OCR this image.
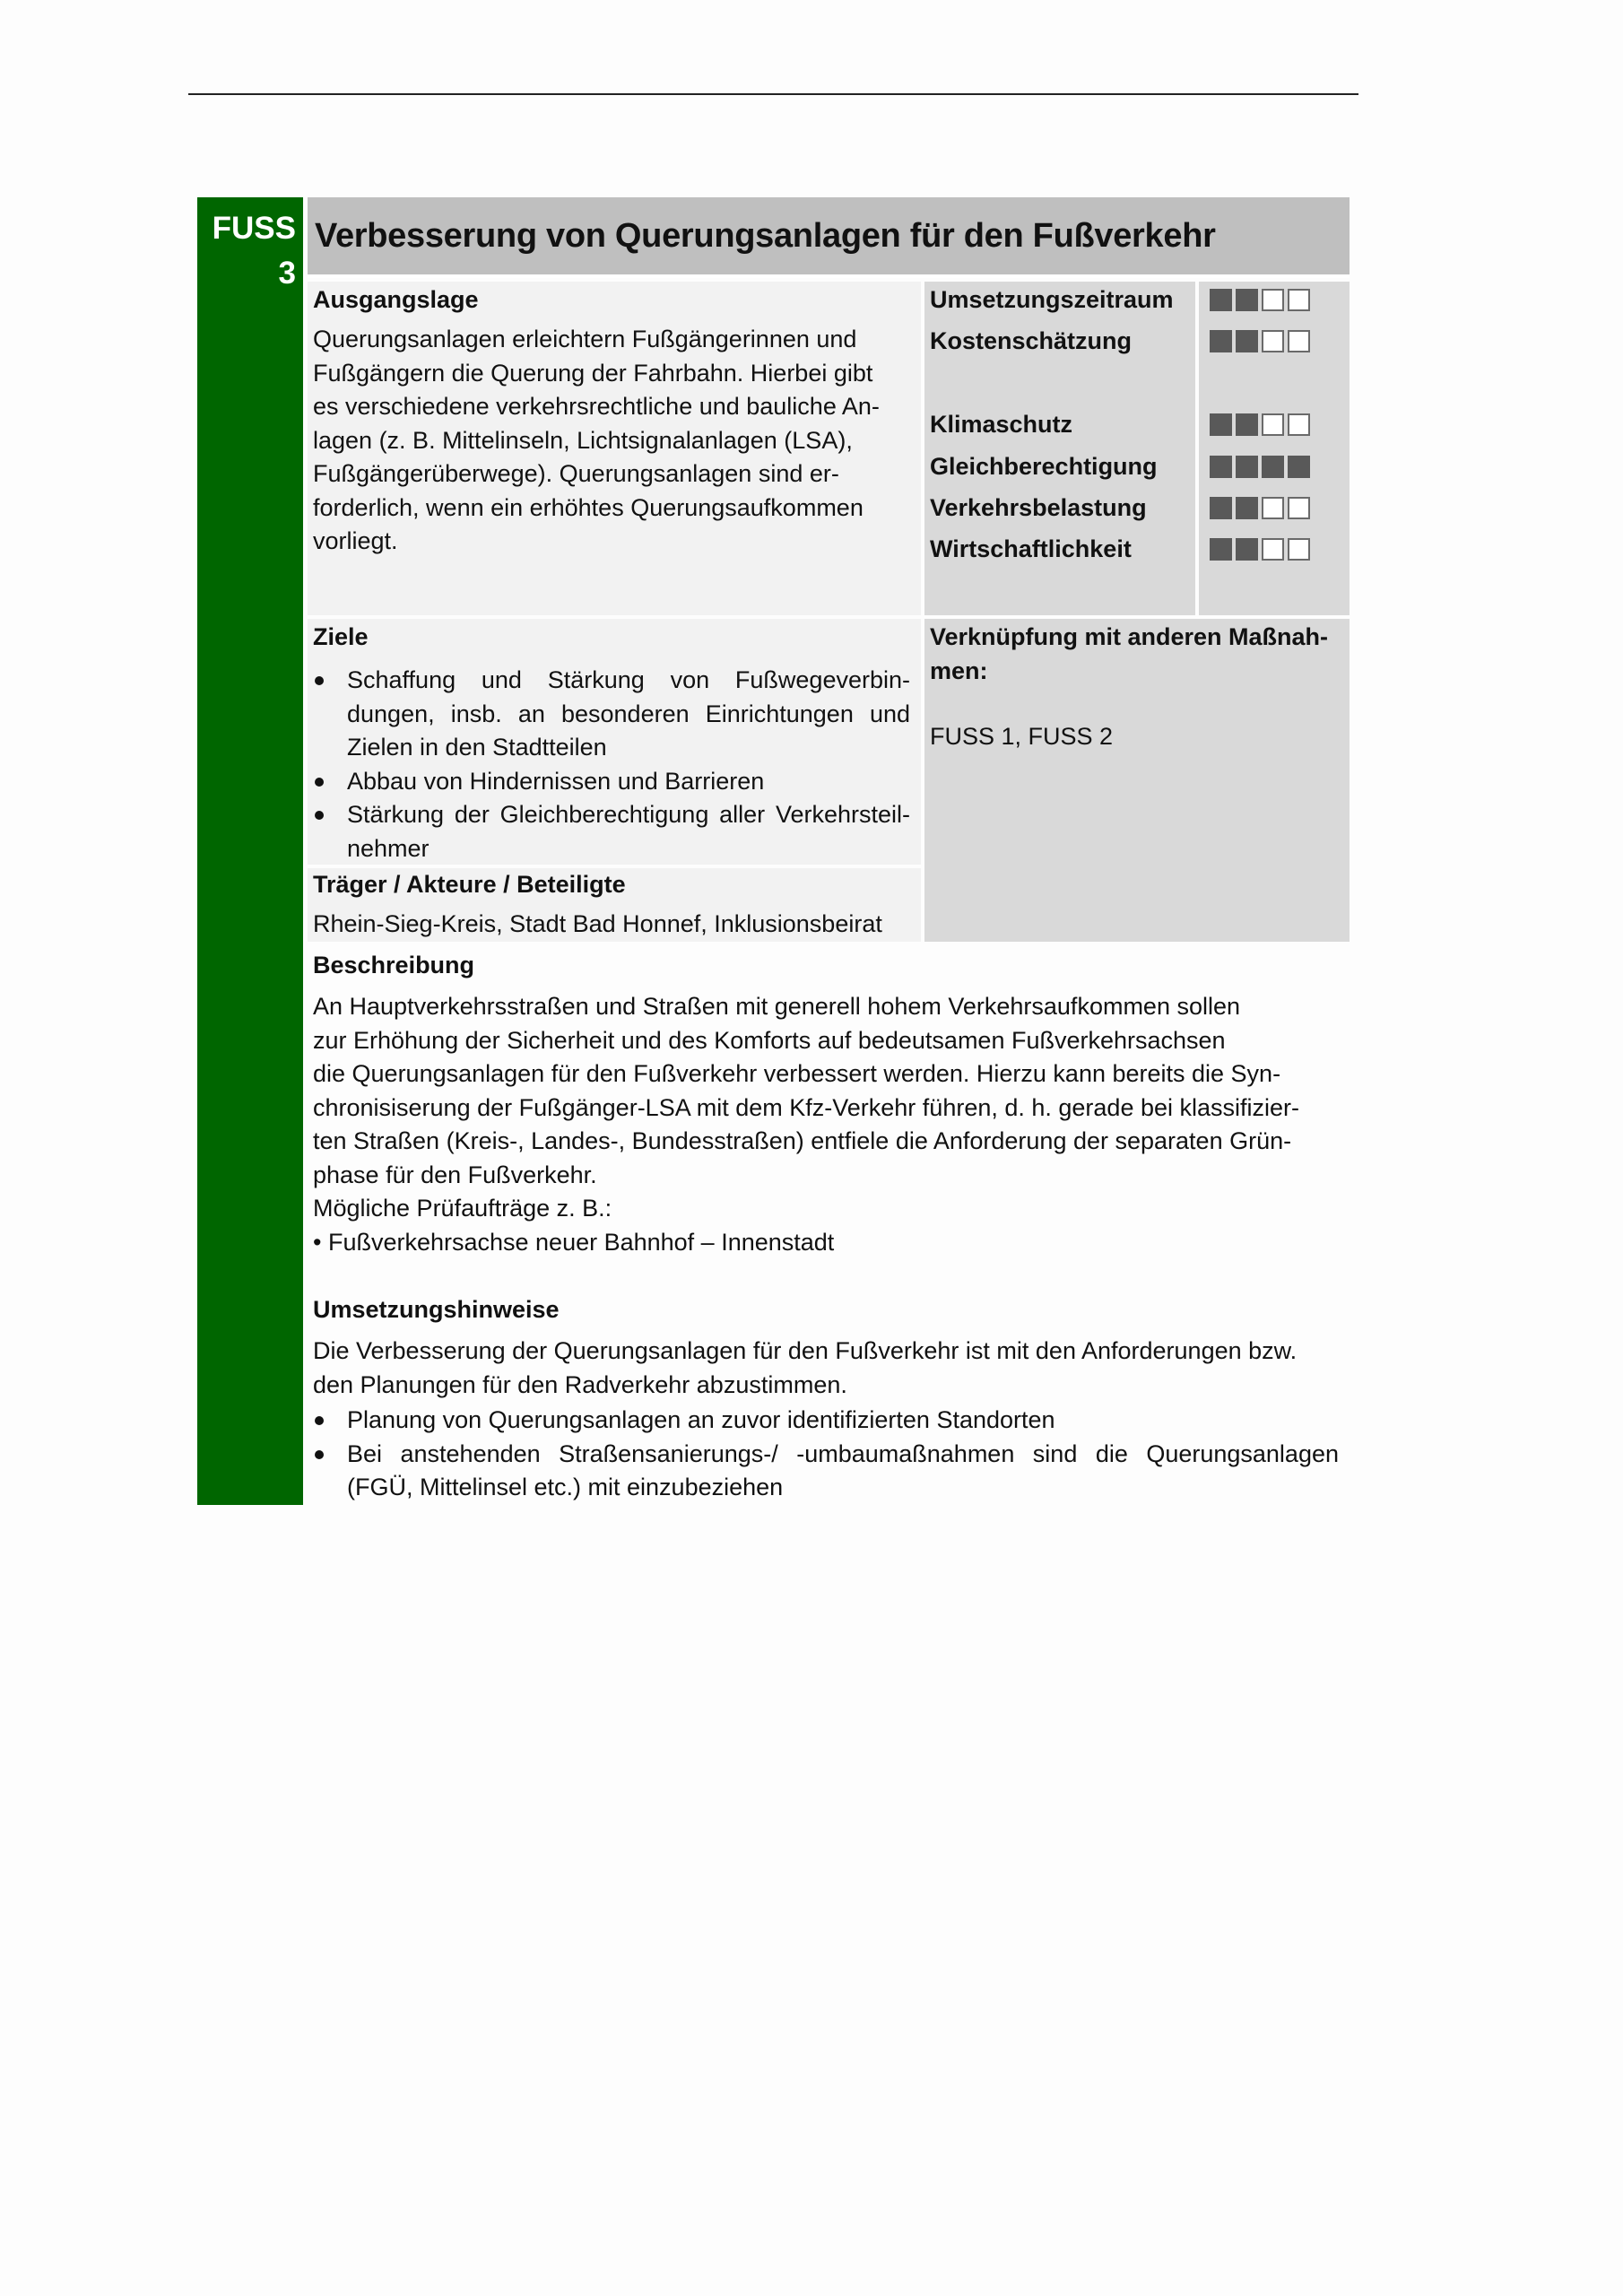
FUSS
3
Verbesserung von Querungsanlagen für den Fußverkehr
Ausgangslage
Querungsanlagen erleichtern Fußgängerinnen und
Fußgängern die Querung der Fahrbahn. Hierbei gibt
es verschiedene verkehrsrechtliche und bauliche An-
lagen (z. B. Mittelinseln, Lichtsignalanlagen (LSA),
Fußgängerüberwege). Querungsanlagen sind er-
forderlich, wenn ein erhöhtes Querungsaufkommen
vorliegt.
Umsetzungszeitraum
Kostenschätzung
Klimaschutz
Gleichberechtigung
Verkehrsbelastung
Wirtschaftlichkeit
Ziele
Schaffung und Stärkung von Fußwegeverbin-dungen, insb. an besonderen Einrichtungen und Zielen in den Stadtteilen
Abbau von Hindernissen und Barrieren
Stärkung der Gleichberechtigung aller Verkehrsteil-nehmer
Träger / Akteure / Beteiligte
Rhein-Sieg-Kreis, Stadt Bad Honnef, Inklusionsbeirat
Verknüpfung mit anderen Maßnah-
men:
FUSS 1, FUSS 2
Beschreibung
An Hauptverkehrsstraßen und Straßen mit generell hohem Verkehrsaufkommen sollen
zur Erhöhung der Sicherheit und des Komforts auf bedeutsamen Fußverkehrsachsen
die Querungsanlagen für den Fußverkehr verbessert werden. Hierzu kann bereits die Syn-
chronisiserung der Fußgänger-LSA mit dem Kfz-Verkehr führen, d. h. gerade bei klassifizier-
ten Straßen (Kreis-, Landes-, Bundesstraßen) entfiele die Anforderung der separaten Grün-
phase für den Fußverkehr.
Mögliche Prüfaufträge z. B.:
• Fußverkehrsachse neuer Bahnhof – Innenstadt
Umsetzungshinweise
Die Verbesserung der Querungsanlagen für den Fußverkehr ist mit den Anforderungen bzw.
den Planungen für den Radverkehr abzustimmen.
Planung von Querungsanlagen an zuvor identifizierten Standorten
Bei anstehenden Straßensanierungs-/ -umbaumaßnahmen sind die Querungsanlagen (FGÜ, Mittelinsel etc.) mit einzubeziehen
